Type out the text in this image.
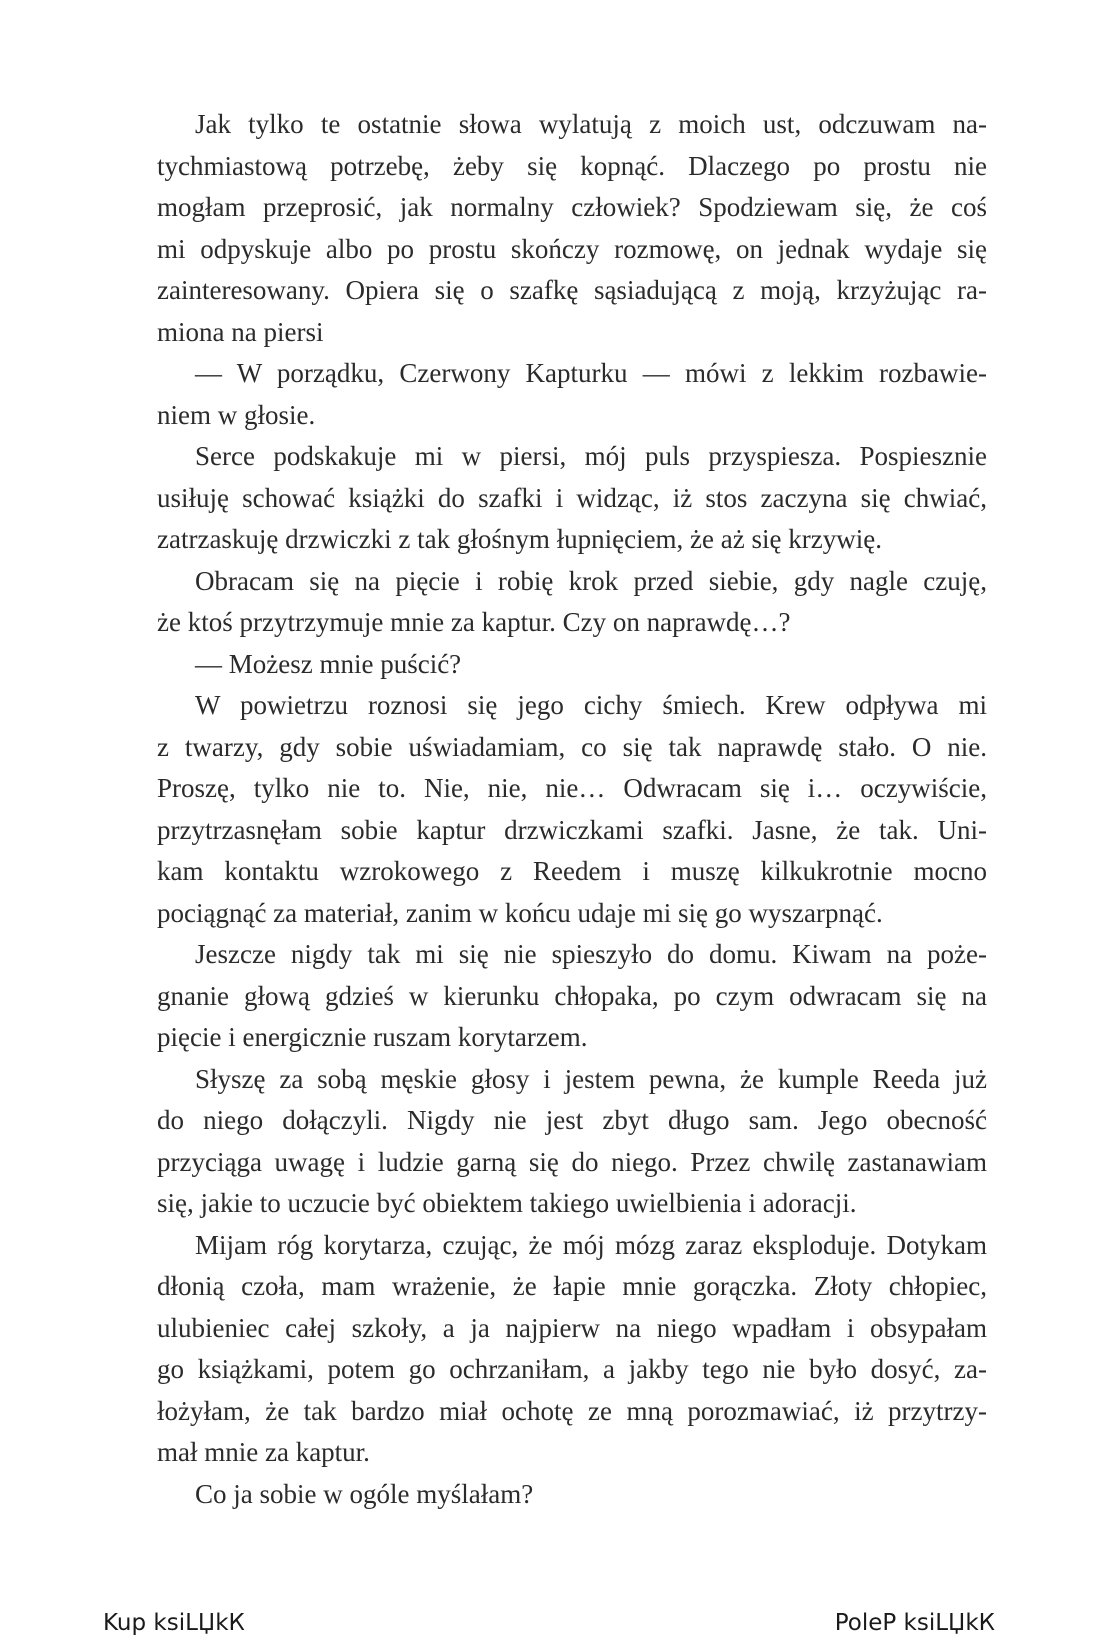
Jak tylko te ostatnie słowa wylatują z moich ust, odczuwam na-
tychmiastową potrzebę, żeby się kopnąć. Dlaczego po prostu nie
mogłam przeprosić, jak normalny człowiek? Spodziewam się, że coś
mi odpyskuje albo po prostu skończy rozmowę, on jednak wydaje się
zainteresowany. Opiera się o szafkę sąsiadującą z moją, krzyżując ra-
miona na piersi
— W porządku, Czerwony Kapturku — mówi z lekkim rozbawie-
niem w głosie.
Serce podskakuje mi w piersi, mój puls przyspiesza. Pospiesznie
usiłuję schować książki do szafki i widząc, iż stos zaczyna się chwiać,
zatrzaskuję drzwiczki z tak głośnym łupnięciem, że aż się krzywię.
Obracam się na pięcie i robię krok przed siebie, gdy nagle czuję,
że ktoś przytrzymuje mnie za kaptur. Czy on naprawdę…?
— Możesz mnie puścić?
W powietrzu roznosi się jego cichy śmiech. Krew odpływa mi
z twarzy, gdy sobie uświadamiam, co się tak naprawdę stało. O nie.
Proszę, tylko nie to. Nie, nie, nie… Odwracam się i… oczywiście,
przytrzasnęłam sobie kaptur drzwiczkami szafki. Jasne, że tak. Uni-
kam kontaktu wzrokowego z Reedem i muszę kilkukrotnie mocno
pociągnąć za materiał, zanim w końcu udaje mi się go wyszarpnąć.
Jeszcze nigdy tak mi się nie spieszyło do domu. Kiwam na poże-
gnanie głową gdzieś w kierunku chłopaka, po czym odwracam się na
pięcie i energicznie ruszam korytarzem.
Słyszę za sobą męskie głosy i jestem pewna, że kumple Reeda już
do niego dołączyli. Nigdy nie jest zbyt długo sam. Jego obecność
przyciąga uwagę i ludzie garną się do niego. Przez chwilę zastanawiam
się, jakie to uczucie być obiektem takiego uwielbienia i adoracji.
Mijam róg korytarza, czując, że mój mózg zaraz eksploduje. Dotykam
dłonią czoła, mam wrażenie, że łapie mnie gorączka. Złoty chłopiec,
ulubieniec całej szkoły, a ja najpierw na niego wpadłam i obsypałam
go książkami, potem go ochrzaniłam, a jakby tego nie było dosyć, za-
łożyłam, że tak bardzo miał ochotę ze mną porozmawiać, iż przytrzy-
mał mnie za kaptur.
Co ja sobie w ogóle myślałam?
Kup ksiLЏkК	PoleР ksiLЏkК
